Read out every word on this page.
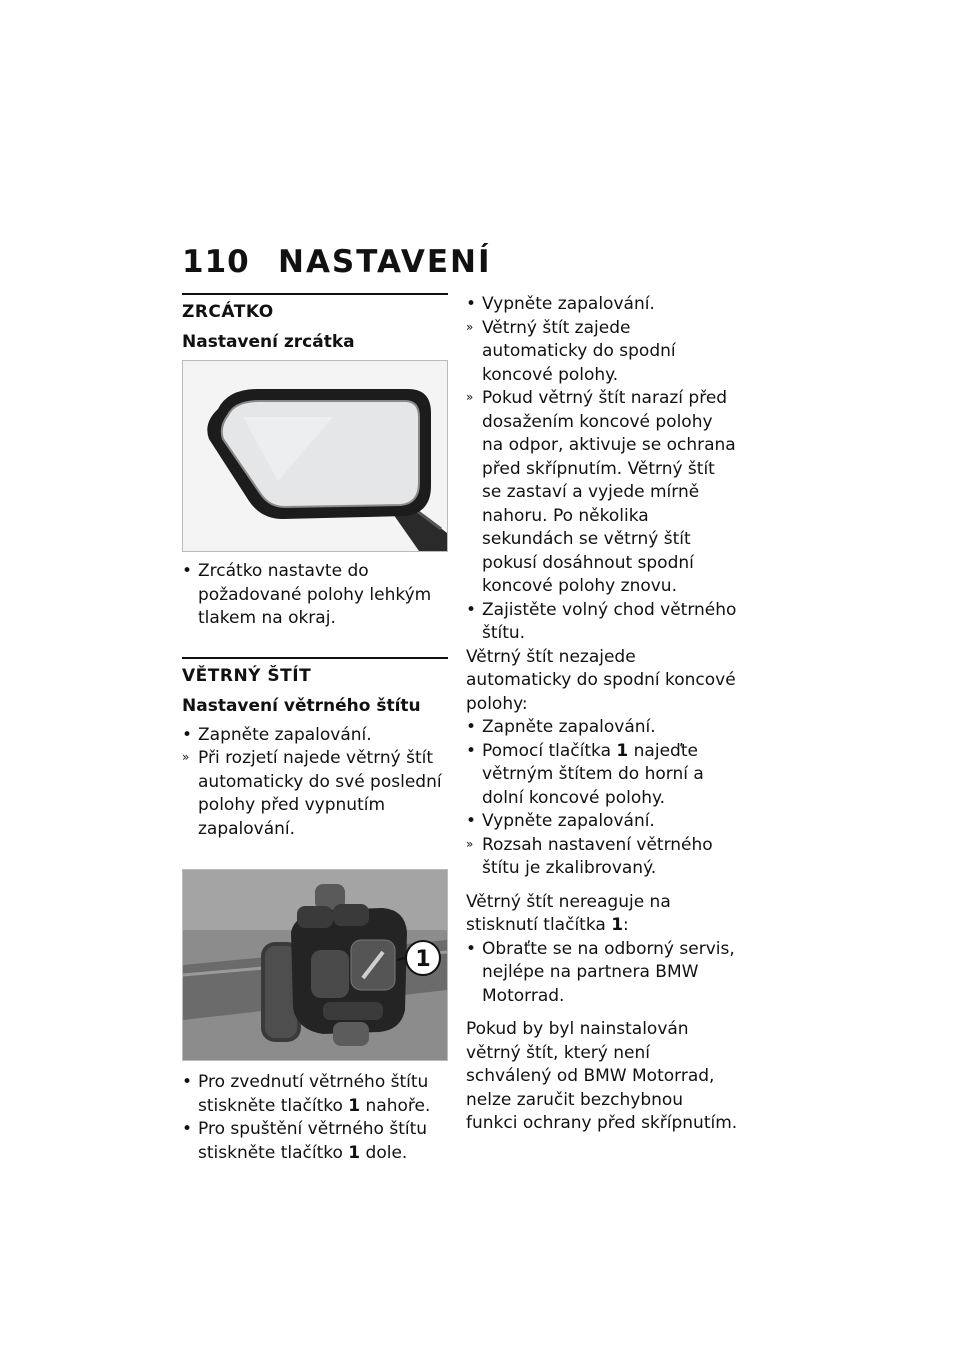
110 NASTAVENÍ
ZRCÁTKO
Nastavení zrcátka
•
Zrcátko nastavte do požadované polohy lehkým tlakem na okraj.
VĚTRNÝ ŠTÍT
Nastavení větrného štítu
•
Zapněte zapalování.
»
Při rozjetí najede větrný štít automaticky do své poslední polohy před vypnutím zapalování.
1
•
Pro zvednutí větrného štítu stiskněte tlačítko 1 nahoře.
•
Pro spuštění větrného štítu stiskněte tlačítko 1 dole.
•
Vypněte zapalování.
»
Větrný štít zajede automaticky do spodní koncové polohy.
»
Pokud větrný štít narazí před dosažením koncové polohy na odpor, aktivuje se ochrana před skřípnutím. Větrný štít se zastaví a vyjede mírně nahoru. Po několika sekundách se větrný štít pokusí dosáhnout spodní koncové polohy znovu.
•
Zajistěte volný chod větrného štítu.

Větrný štít nezajede automaticky do spodní koncové polohy:

•
Zapněte zapalování.
•
Pomocí tlačítka 1 najeďte větrným štítem do horní a dolní koncové polohy.
•
Vypněte zapalování.
»
Rozsah nastavení větrného štítu je zkalibrovaný.

Větrný štít nereaguje na stisknutí tlačítka 1:

•
Obraťte se na odborný servis, nejlépe na partnera BMW Motorrad.

Pokud by byl nainstalován větrný štít, který není schválený od BMW Motorrad, nelze zaručit bezchybnou funkci ochrany před skřípnutím.
